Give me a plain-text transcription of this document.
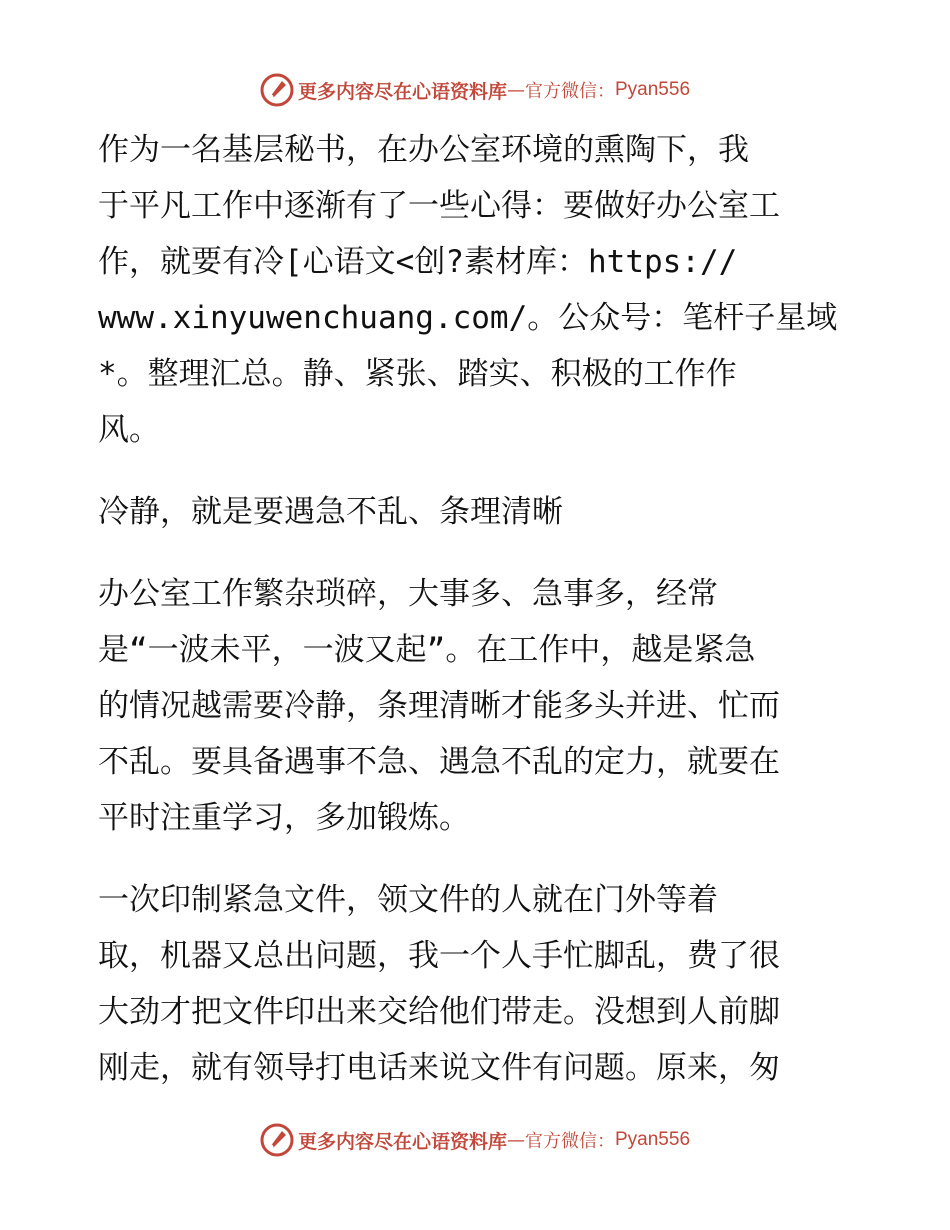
更多内容尽在心语资料库 — 官方微信： Pyan556
作为一名基层秘书，在办公室环境的熏陶下，我
于平凡工作中逐渐有了一些心得：要做好办公室工
作，就要有冷[心语文<创?素材库：https://
www.xinyuwenchuang.com/。公众号：笔杆子星域
*。整理汇总。静、紧张、踏实、积极的工作作
风。
冷静，就是要遇急不乱、条理清晰
办公室工作繁杂琐碎，大事多、急事多，经常
是“一波未平，一波又起”。在工作中，越是紧急
的情况越需要冷静，条理清晰才能多头并进、忙而
不乱。要具备遇事不急、遇急不乱的定力，就要在
平时注重学习，多加锻炼。
一次印制紧急文件，领文件的人就在门外等着
取，机器又总出问题，我一个人手忙脚乱，费了很
大劲才把文件印出来交给他们带走。没想到人前脚
刚走，就有领导打电话来说文件有问题。原来，匆
更多内容尽在心语资料库 — 官方微信： Pyan556
